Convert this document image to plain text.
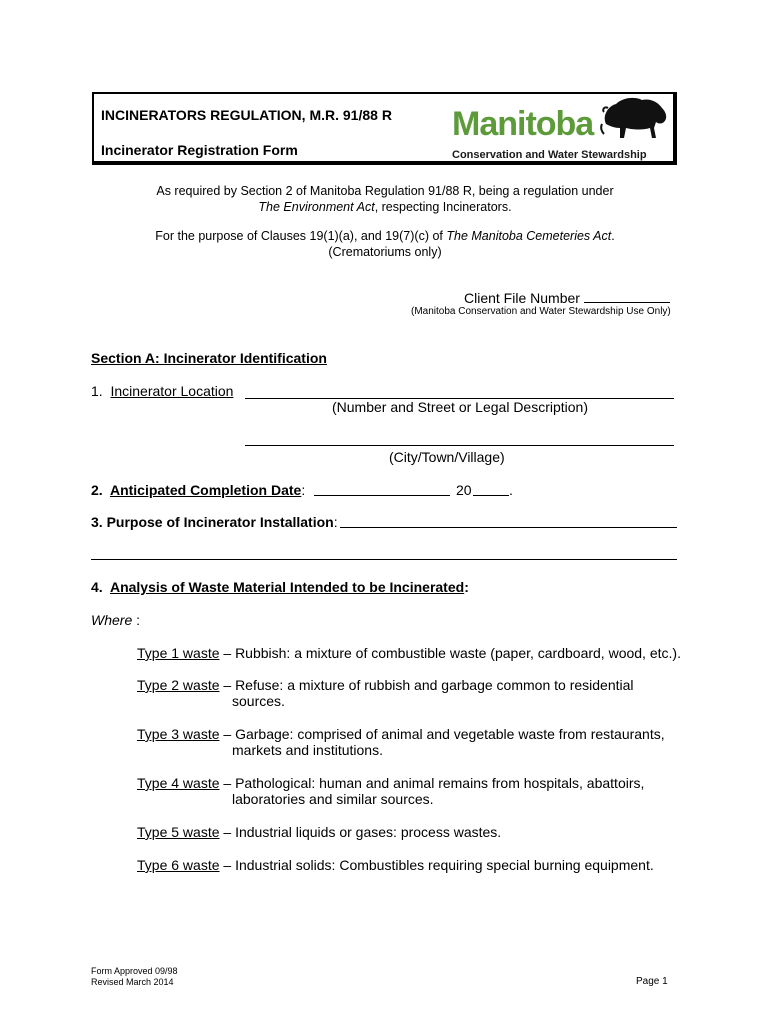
INCINERATORS REGULATION, M.R. 91/88 R
Incinerator Registration Form
Manitoba
Conservation and Water Stewardship
As required by Section 2 of Manitoba Regulation 91/88 R, being a regulation under
The Environment Act, respecting Incinerators.
For the purpose of Clauses 19(1)(a), and 19(7)(c) of The Manitoba Cemeteries Act.
(Crematoriums only)
Client File Number
(Manitoba Conservation and Water Stewardship Use Only)
Section A: Incinerator Identification
1. Incinerator Location
(Number and Street or Legal Description)
(City/Town/Village)
2. Anticipated Completion Date:	20	.
3. Purpose of Incinerator Installation:
4. Analysis of Waste Material Intended to be Incinerated:
Where :
Type 1 waste – Rubbish: a mixture of combustible waste (paper, cardboard, wood, etc.).
Type 2 waste – Refuse: a mixture of rubbish and garbage common to residential
sources.
Type 3 waste – Garbage: comprised of animal and vegetable waste from restaurants,
markets and institutions.
Type 4 waste – Pathological: human and animal remains from hospitals, abattoirs,
laboratories and similar sources.
Type 5 waste – Industrial liquids or gases: process wastes.
Type 6 waste – Industrial solids: Combustibles requiring special burning equipment.
Form Approved 09/98
Revised March 2014	Page 1
